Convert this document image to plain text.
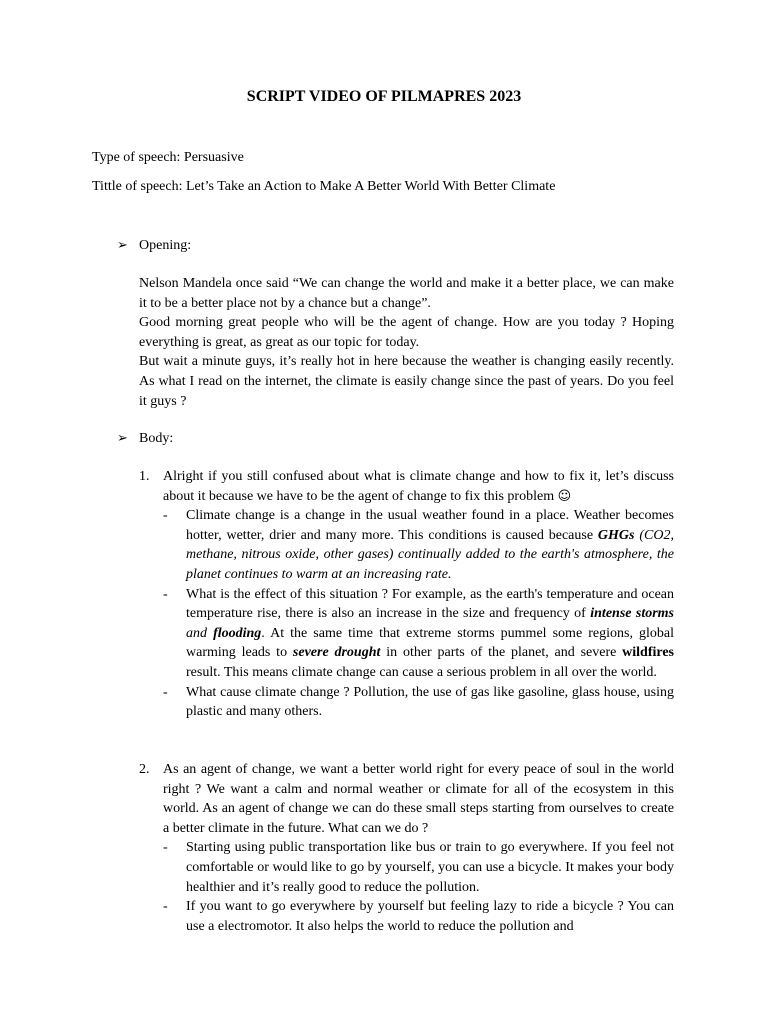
SCRIPT VIDEO OF PILMAPRES 2023
Type of speech: Persuasive
Tittle of speech: Let’s Take an Action to Make A Better World With Better Climate
➢ Opening:

Nelson Mandela once said “We can change the world and make it a better place, we can make it to be a better place not by a chance but a change”.

Good morning great people who will be the agent of change. How are you today ? Hoping everything is great, as great as our topic for today.

But wait a minute guys, it’s really hot in here because the weather is changing easily recently. As what I read on the internet, the climate is easily change since the past of years. Do you feel it guys ?

➢ Body:
1. Alright if you still confused about what is climate change and how to fix it, let’s discuss about it because we have to be the agent of change to fix this problem ☺
- Climate change is a change in the usual weather found in a place. Weather becomes hotter, wetter, drier and many more. This conditions is caused because GHGs (CO2, methane, nitrous oxide, other gases) continually added to the earth's atmosphere, the planet continues to warm at an increasing rate.
- What is the effect of this situation ? For example, as the earth's temperature and ocean temperature rise, there is also an increase in the size and frequency of intense storms and flooding. At the same time that extreme storms pummel some regions, global warming leads to severe drought in other parts of the planet, and severe wildfires result. This means climate change can cause a serious problem in all over the world.
- What cause climate change ? Pollution, the use of gas like gasoline, glass house, using plastic and many others.
2. As an agent of change, we want a better world right for every peace of soul in the world right ? We want a calm and normal weather or climate for all of the ecosystem in this world. As an agent of change we can do these small steps starting from ourselves to create a better climate in the future. What can we do ?
- Starting using public transportation like bus or train to go everywhere. If you feel not comfortable or would like to go by yourself, you can use a bicycle. It makes your body healthier and it’s really good to reduce the pollution.
- If you want to go everywhere by yourself but feeling lazy to ride a bicycle ? You can use a electromotor. It also helps the world to reduce the pollution and
